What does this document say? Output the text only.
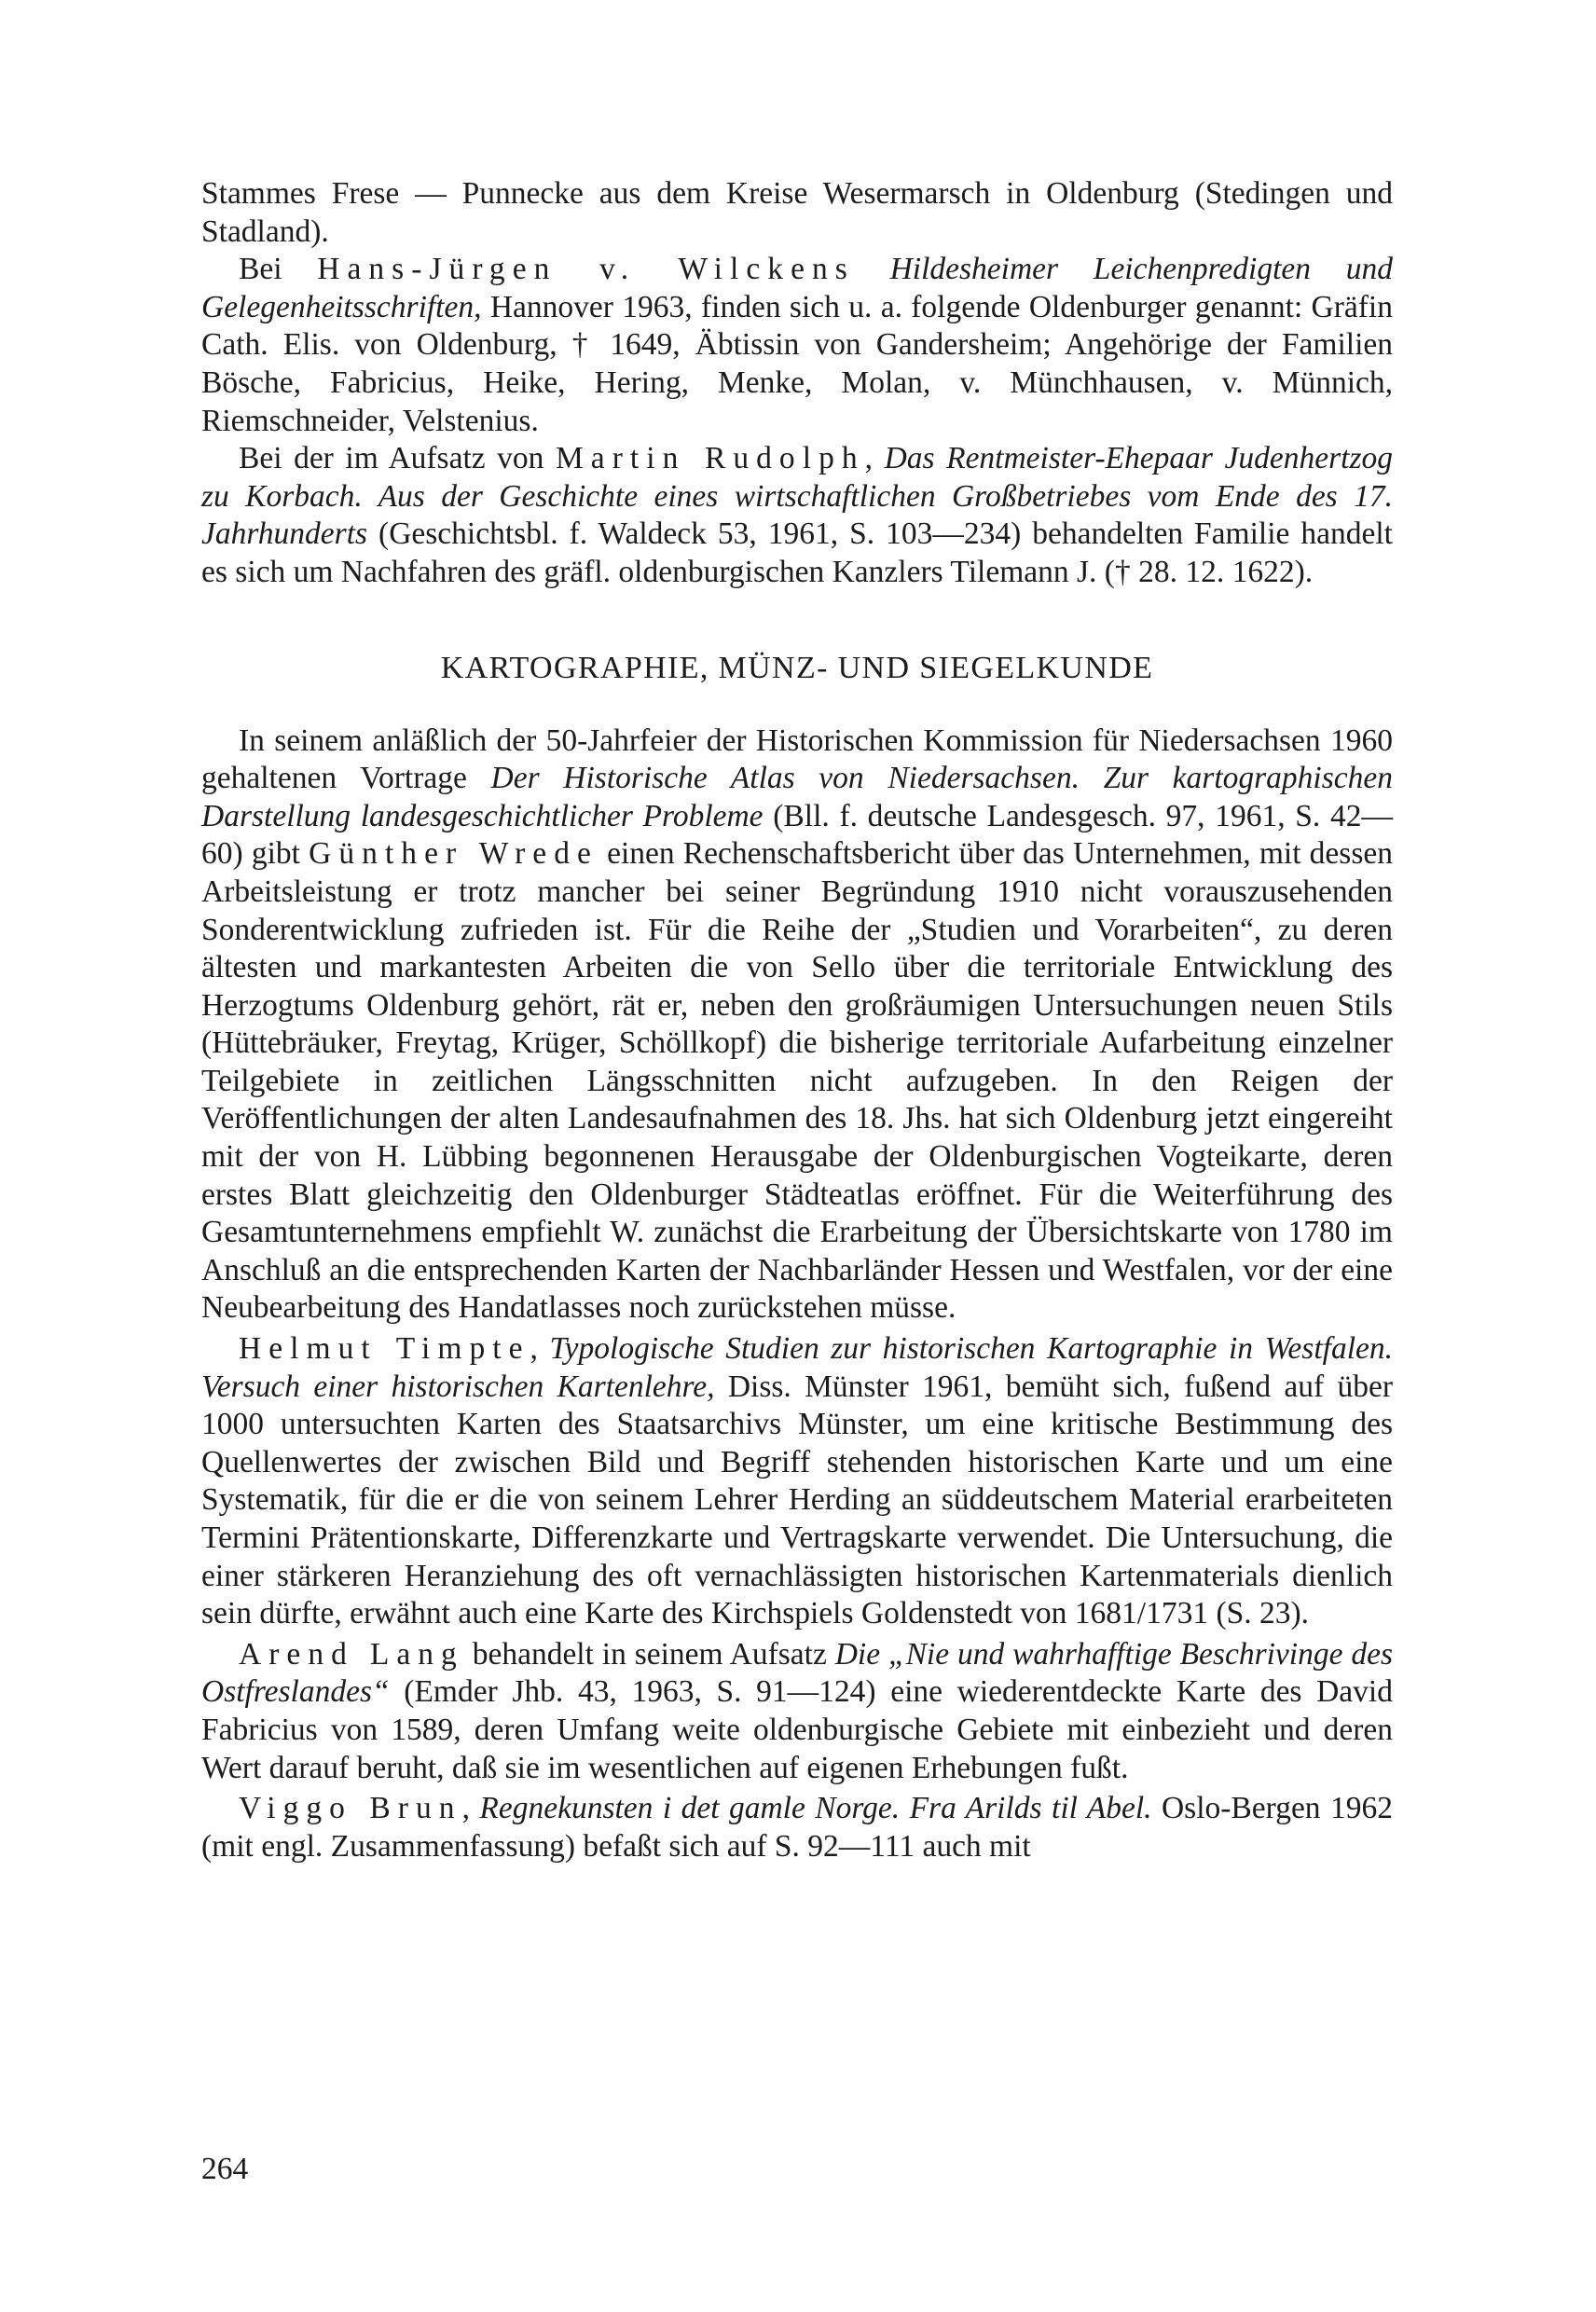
Stammes Frese — Punnecke aus dem Kreise Wesermarsch in Oldenburg (Stedingen und Stadland).

Bei Hans-Jürgen v. Wilckens Hildesheimer Leichenpredigten und Gelegenheitsschriften, Hannover 1963, finden sich u. a. folgende Oldenburger genannt: Gräfin Cath. Elis. von Oldenburg, † 1649, Äbtissin von Gandersheim; Angehörige der Familien Bösche, Fabricius, Heike, Hering, Menke, Molan, v. Münchhausen, v. Münnich, Riemschneider, Velstenius.

Bei der im Aufsatz von Martin Rudolph, Das Rentmeister-Ehepaar Judenhertzog zu Korbach. Aus der Geschichte eines wirtschaftlichen Großbetriebes vom Ende des 17. Jahrhunderts (Geschichtsbl. f. Waldeck 53, 1961, S. 103—234) behandelten Familie handelt es sich um Nachfahren des gräfl. oldenburgischen Kanzlers Tilemann J. († 28. 12. 1622).

KARTOGRAPHIE, MÜNZ- UND SIEGELKUNDE

In seinem anläßlich der 50-Jahrfeier der Historischen Kommission für Niedersachsen 1960 gehaltenen Vortrage Der Historische Atlas von Niedersachsen. Zur kartographischen Darstellung landesgeschichtlicher Probleme (Bll. f. deutsche Landesgesch. 97, 1961, S. 42—60) gibt Günther Wrede einen Rechenschaftsbericht über das Unternehmen, mit dessen Arbeitsleistung er trotz mancher bei seiner Begründung 1910 nicht vorauszusehenden Sonderentwicklung zufrieden ist. Für die Reihe der „Studien und Vorarbeiten“, zu deren ältesten und markantesten Arbeiten die von Sello über die territoriale Entwicklung des Herzogtums Oldenburg gehört, rät er, neben den großräumigen Untersuchungen neuen Stils (Hüttebräuker, Freytag, Krüger, Schöllkopf) die bisherige territoriale Aufarbeitung einzelner Teilgebiete in zeitlichen Längsschnitten nicht aufzugeben. In den Reigen der Veröffentlichungen der alten Landesaufnahmen des 18. Jhs. hat sich Oldenburg jetzt eingereiht mit der von H. Lübbing begonnenen Herausgabe der Oldenburgischen Vogteikarte, deren erstes Blatt gleichzeitig den Oldenburger Städteatlas eröffnet. Für die Weiterführung des Gesamtunternehmens empfiehlt W. zunächst die Erarbeitung der Übersichtskarte von 1780 im Anschluß an die entsprechenden Karten der Nachbarländer Hessen und Westfalen, vor der eine Neubearbeitung des Handatlasses noch zurückstehen müsse.

Helmut Timpte, Typologische Studien zur historischen Kartographie in Westfalen. Versuch einer historischen Kartenlehre, Diss. Münster 1961, bemüht sich, fußend auf über 1000 untersuchten Karten des Staatsarchivs Münster, um eine kritische Bestimmung des Quellenwertes der zwischen Bild und Begriff stehenden historischen Karte und um eine Systematik, für die er die von seinem Lehrer Herding an süddeutschem Material erarbeiteten Termini Prätentionskarte, Differenzkarte und Vertragskarte verwendet. Die Untersuchung, die einer stärkeren Heranziehung des oft vernachlässigten historischen Kartenmaterials dienlich sein dürfte, erwähnt auch eine Karte des Kirchspiels Goldenstedt von 1681/1731 (S. 23).

Arend Lang behandelt in seinem Aufsatz Die „Nie und wahrhafftige Beschrivinge des Ostfreslandes“ (Emder Jhb. 43, 1963, S. 91—124) eine wiederentdeckte Karte des David Fabricius von 1589, deren Umfang weite oldenburgische Gebiete mit einbezieht und deren Wert darauf beruht, daß sie im wesentlichen auf eigenen Erhebungen fußt.

Viggo Brun, Regnekunsten i det gamle Norge. Fra Arilds til Abel. Oslo-Bergen 1962 (mit engl. Zusammenfassung) befaßt sich auf S. 92—111 auch mit

264
